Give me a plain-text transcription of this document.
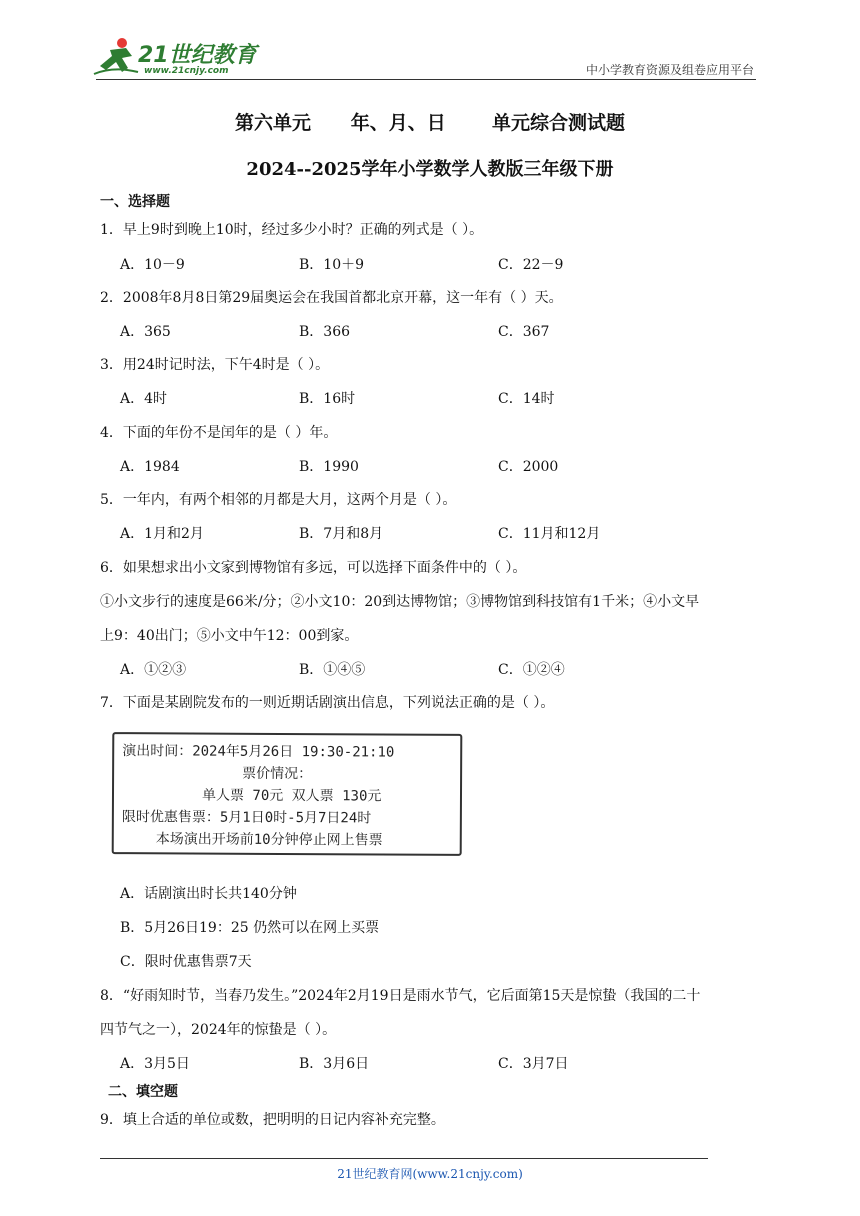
21世纪教育
www.21cnjy.com	中小学教育资源及组卷应用平台
第六单元      年、月、日       单元综合测试题
2024--2025学年小学数学人教版三年级下册
一、选择题
1．早上9时到晚上10时，经过多少小时？正确的列式是（ ）。
A．10－9	B．10＋9	C．22－9
2．2008年8月8日第29届奥运会在我国首都北京开幕，这一年有（ ）天。
A．365	B．366	C．367
3．用24时记时法，下午4时是（ ）。
A．4时	B．16时	C．14时
4．下面的年份不是闰年的是（ ）年。
A．1984	B．1990	C．2000
5．一年内，有两个相邻的月都是大月，这两个月是（ ）。
A．1月和2月	B．7月和8月	C．11月和12月
6．如果想求出小文家到博物馆有多远，可以选择下面条件中的（ ）。
①小文步行的速度是66米/分；②小文10：20到达博物馆；③博物馆到科技馆有1千米；④小文早
上9：40出门；⑤小文中午12：00到家。
A．①②③	B．①④⑤	C．①②④
7．下面是某剧院发布的一则近期话剧演出信息，下列说法正确的是（ ）。
演出时间：2024年5月26日 19:30-21:10
票价情况：
单人票 70元 双人票 130元
限时优惠售票：5月1日0时-5月7日24时
本场演出开场前10分钟停止网上售票
A．话剧演出时长共140分钟
B．5月26日19：25 仍然可以在网上买票
C．限时优惠售票7天
8．“好雨知时节，当春乃发生。”2024年2月19日是雨水节气，它后面第15天是惊蛰（我国的二十
四节气之一），2024年的惊蛰是（ ）。
A．3月5日	B．3月6日	C．3月7日
二、填空题
9．填上合适的单位或数，把明明的日记内容补充完整。
21世纪教育网(www.21cnjy.com)
